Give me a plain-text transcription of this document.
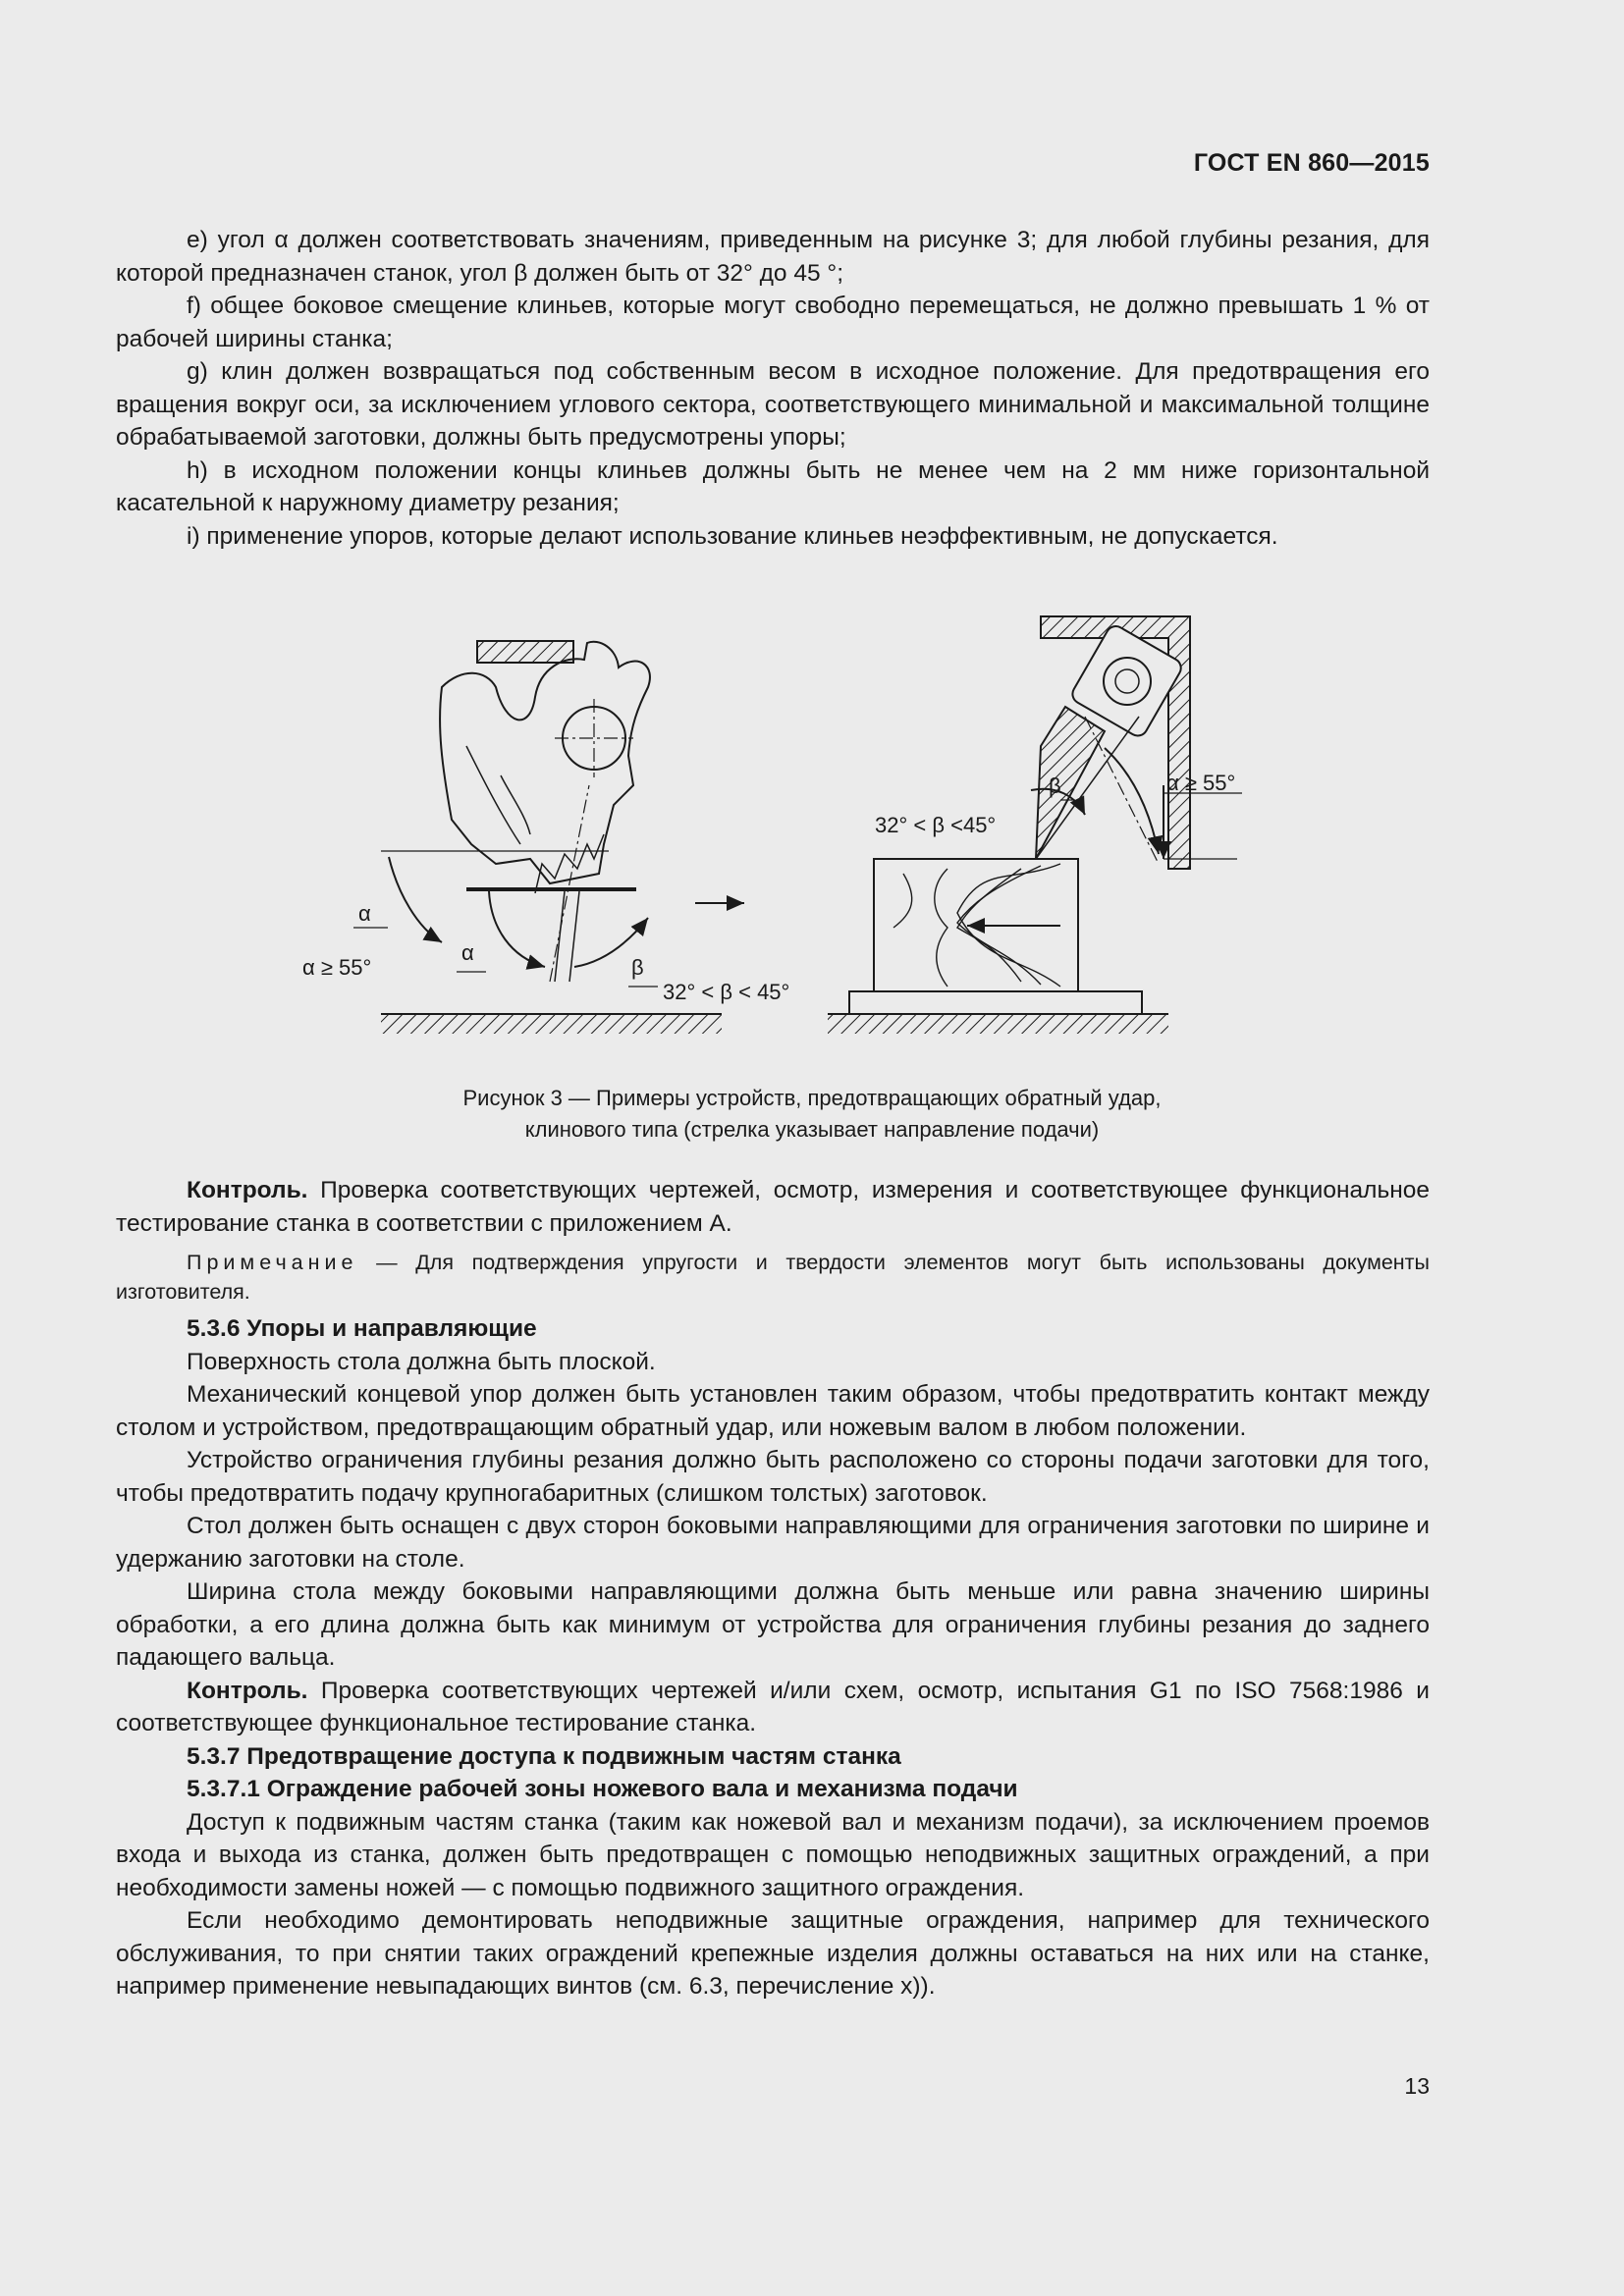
ГОСТ EN 860—2015

e) угол α должен соответствовать значениям, приведенным на рисунке 3; для любой глубины резания, для которой предназначен станок, угол β должен быть от 32° до 45 °;

f) общее боковое смещение клиньев, которые могут свободно перемещаться, не должно превышать 1 % от рабочей ширины станка;

g) клин должен возвращаться под собственным весом в исходное положение. Для предотвращения его вращения вокруг оси, за исключением углового сектора, соответствующего минимальной и максимальной толщине обрабатываемой заготовки, должны быть предусмотрены упоры;

h) в исходном положении концы клиньев должны быть не менее чем на 2 мм ниже горизонтальной касательной к наружному диаметру резания;

i) применение упоров, которые делают использование клиньев неэффективным, не допускается.

α
α ≥ 55°
α
β
32° < β < 45°
32° < β <45°
β	α ≥ 55°
Рисунок 3 — Примеры устройств, предотвращающих обратный удар,
клинового типа (стрелка указывает направление подачи)

Контроль. Проверка соответствующих чертежей, осмотр, измерения и соответствующее функциональное тестирование станка в соответствии с приложением А.

Примечание — Для подтверждения упругости и твердости элементов могут быть использованы документы изготовителя.

5.3.6 Упоры и направляющие

Поверхность стола должна быть плоской.

Механический концевой упор должен быть установлен таким образом, чтобы предотвратить контакт между столом и устройством, предотвращающим обратный удар, или ножевым валом в любом положении.

Устройство ограничения глубины резания должно быть расположено со стороны подачи заготовки для того, чтобы предотвратить подачу крупногабаритных (слишком толстых) заготовок.

Стол должен быть оснащен с двух сторон боковыми направляющими для ограничения заготовки по ширине и удержанию заготовки на столе.

Ширина стола между боковыми направляющими должна быть меньше или равна значению ширины обработки, а его длина должна быть как минимум от устройства для ограничения глубины резания до заднего падающего вальца.

Контроль. Проверка соответствующих чертежей и/или схем, осмотр, испытания G1 по ISO 7568:1986 и соответствующее функциональное тестирование станка.

5.3.7 Предотвращение доступа к подвижным частям станка

5.3.7.1 Ограждение рабочей зоны ножевого вала и механизма подачи

Доступ к подвижным частям станка (таким как ножевой вал и механизм подачи), за исключением проемов входа и выхода из станка, должен быть предотвращен с помощью неподвижных защитных ограждений, а при необходимости замены ножей — с помощью подвижного защитного ограждения.

Если необходимо демонтировать неподвижные защитные ограждения, например для технического обслуживания, то при снятии таких ограждений крепежные изделия должны оставаться на них или на станке, например применение невыпадающих винтов (см. 6.3, перечисление х)).

13
